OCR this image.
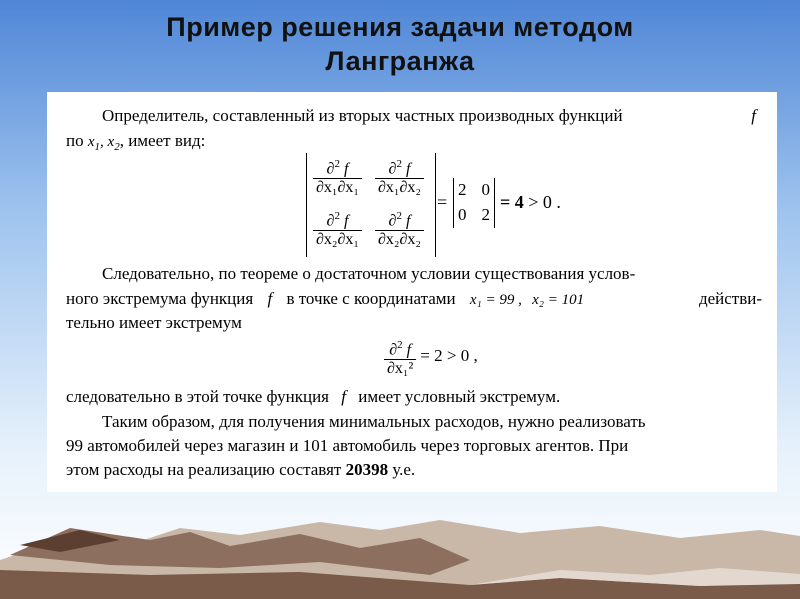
Пример решения задачи методом
Лангранжа
Определитель, составленный из вторых частных производных функций	f
по $x_1$, $x_2$, имеет вид:
$\frac{\partial^2 f}{\text{∂x₁∂x₁}} \frac{\partial^2 f}{\text{∂x₁∂x₂}}$
$\frac{\partial^2 f}{\text{∂x₂∂x₁}} \frac{\partial^2 f}{\text{∂x₂∂x₂}}$
=
2 0
0 2
= 4 > 0 .
Следовательно, по теореме о достаточном условии существования услов-
ного экстремума функция f в точке с координатами x₁ = 99 , x₂ = 101	действи-
тельно имеет экстремум
$\frac{\partial^2 f}{\text{∂x₁²}} = 2 > 0$ ,
следовательно в этой точке функция f имеет условный экстремум.
Таким образом, для получения минимальных расходов, нужно реализовать
99 автомобилей через магазин и 101 автомобиль через торговых агентов. При
этом расходы на реализацию составят 20398 у.е.
